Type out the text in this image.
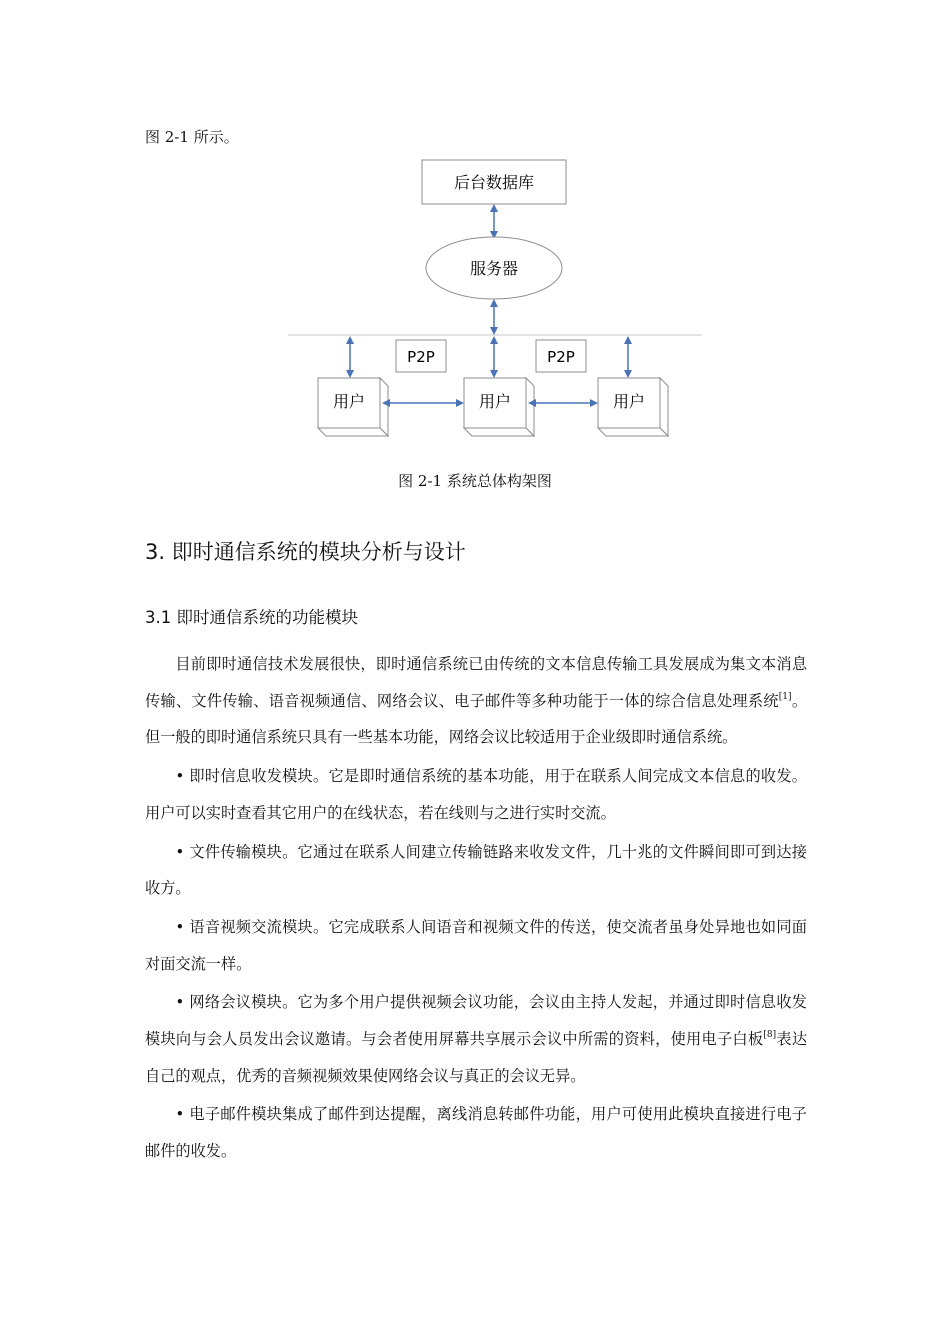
图 2-1 所示。
后台数据库
服务器
P2P	P2P
用户	用户	用户
图 2-1 系统总体构架图
3. 即时通信系统的模块分析与设计
3.1 即时通信系统的功能模块

目前即时通信技术发展很快，即时通信系统已由传统的文本信息传输工具发展成为集文本消息传输、文件传输、语音视频通信、网络会议、电子邮件等多种功能于一体的综合信息处理系统[1]。但一般的即时通信系统只具有一些基本功能，网络会议比较适用于企业级即时通信系统。

• 即时信息收发模块。它是即时通信系统的基本功能，用于在联系人间完成文本信息的收发。用户可以实时查看其它用户的在线状态，若在线则与之进行实时交流。

• 文件传输模块。它通过在联系人间建立传输链路来收发文件，几十兆的文件瞬间即可到达接收方。

• 语音视频交流模块。它完成联系人间语音和视频文件的传送，使交流者虽身处异地也如同面对面交流一样。

• 网络会议模块。它为多个用户提供视频会议功能，会议由主持人发起，并通过即时信息收发模块向与会人员发出会议邀请。与会者使用屏幕共享展示会议中所需的资料，使用电子白板[8]表达自己的观点，优秀的音频视频效果使网络会议与真正的会议无异。

• 电子邮件模块集成了邮件到达提醒，离线消息转邮件功能，用户可使用此模块直接进行电子邮件的收发。
